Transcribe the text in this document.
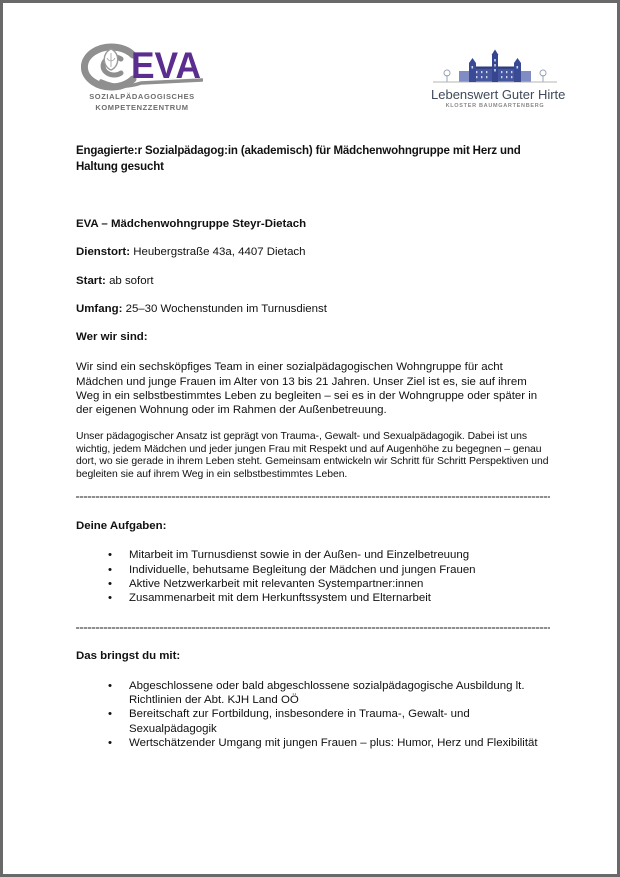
EVA
SOZIALPÄDAGOGISCHES
KOMPETENZZENTRUM
Lebenswert Guter Hirte
KLOSTER BAUMGARTENBERG
Engagierte:r Sozialpädagog:in (akademisch) für Mädchenwohngruppe mit Herz und Haltung gesucht

EVA – Mädchenwohngruppe Steyr-Dietach

Dienstort: Heubergstraße 43a, 4407 Dietach

Start: ab sofort

Umfang: 25–30 Wochenstunden im Turnusdienst

Wer wir sind:

Wir sind ein sechsköpfiges Team in einer sozialpädagogischen Wohngruppe für acht Mädchen und junge Frauen im Alter von 13 bis 21 Jahren. Unser Ziel ist es, sie auf ihrem Weg in ein selbstbestimmtes Leben zu begleiten – sei es in der Wohngruppe oder später in der eigenen Wohnung oder im Rahmen der Außenbetreuung.

Unser pädagogischer Ansatz ist geprägt von Trauma-, Gewalt- und Sexualpädagogik. Dabei ist uns wichtig, jedem Mädchen und jeder jungen Frau mit Respekt und auf Augenhöhe zu begegnen – genau dort, wo sie gerade in ihrem Leben steht. Gemeinsam entwickeln wir Schritt für Schritt Perspektiven und begleiten sie auf ihrem Weg in ein selbstbestimmtes Leben.

Deine Aufgaben:

• Mitarbeit im Turnusdienst sowie in der Außen- und Einzelbetreuung
• Individuelle, behutsame Begleitung der Mädchen und jungen Frauen
• Aktive Netzwerkarbeit mit relevanten Systempartner:innen
• Zusammenarbeit mit dem Herkunftssystem und Elternarbeit

Das bringst du mit:

• Abgeschlossene oder bald abgeschlossene sozialpädagogische Ausbildung lt. Richtlinien der Abt. KJH Land OÖ
• Bereitschaft zur Fortbildung, insbesondere in Trauma-, Gewalt- und Sexualpädagogik
• Wertschätzender Umgang mit jungen Frauen – plus: Humor, Herz und Flexibilität
